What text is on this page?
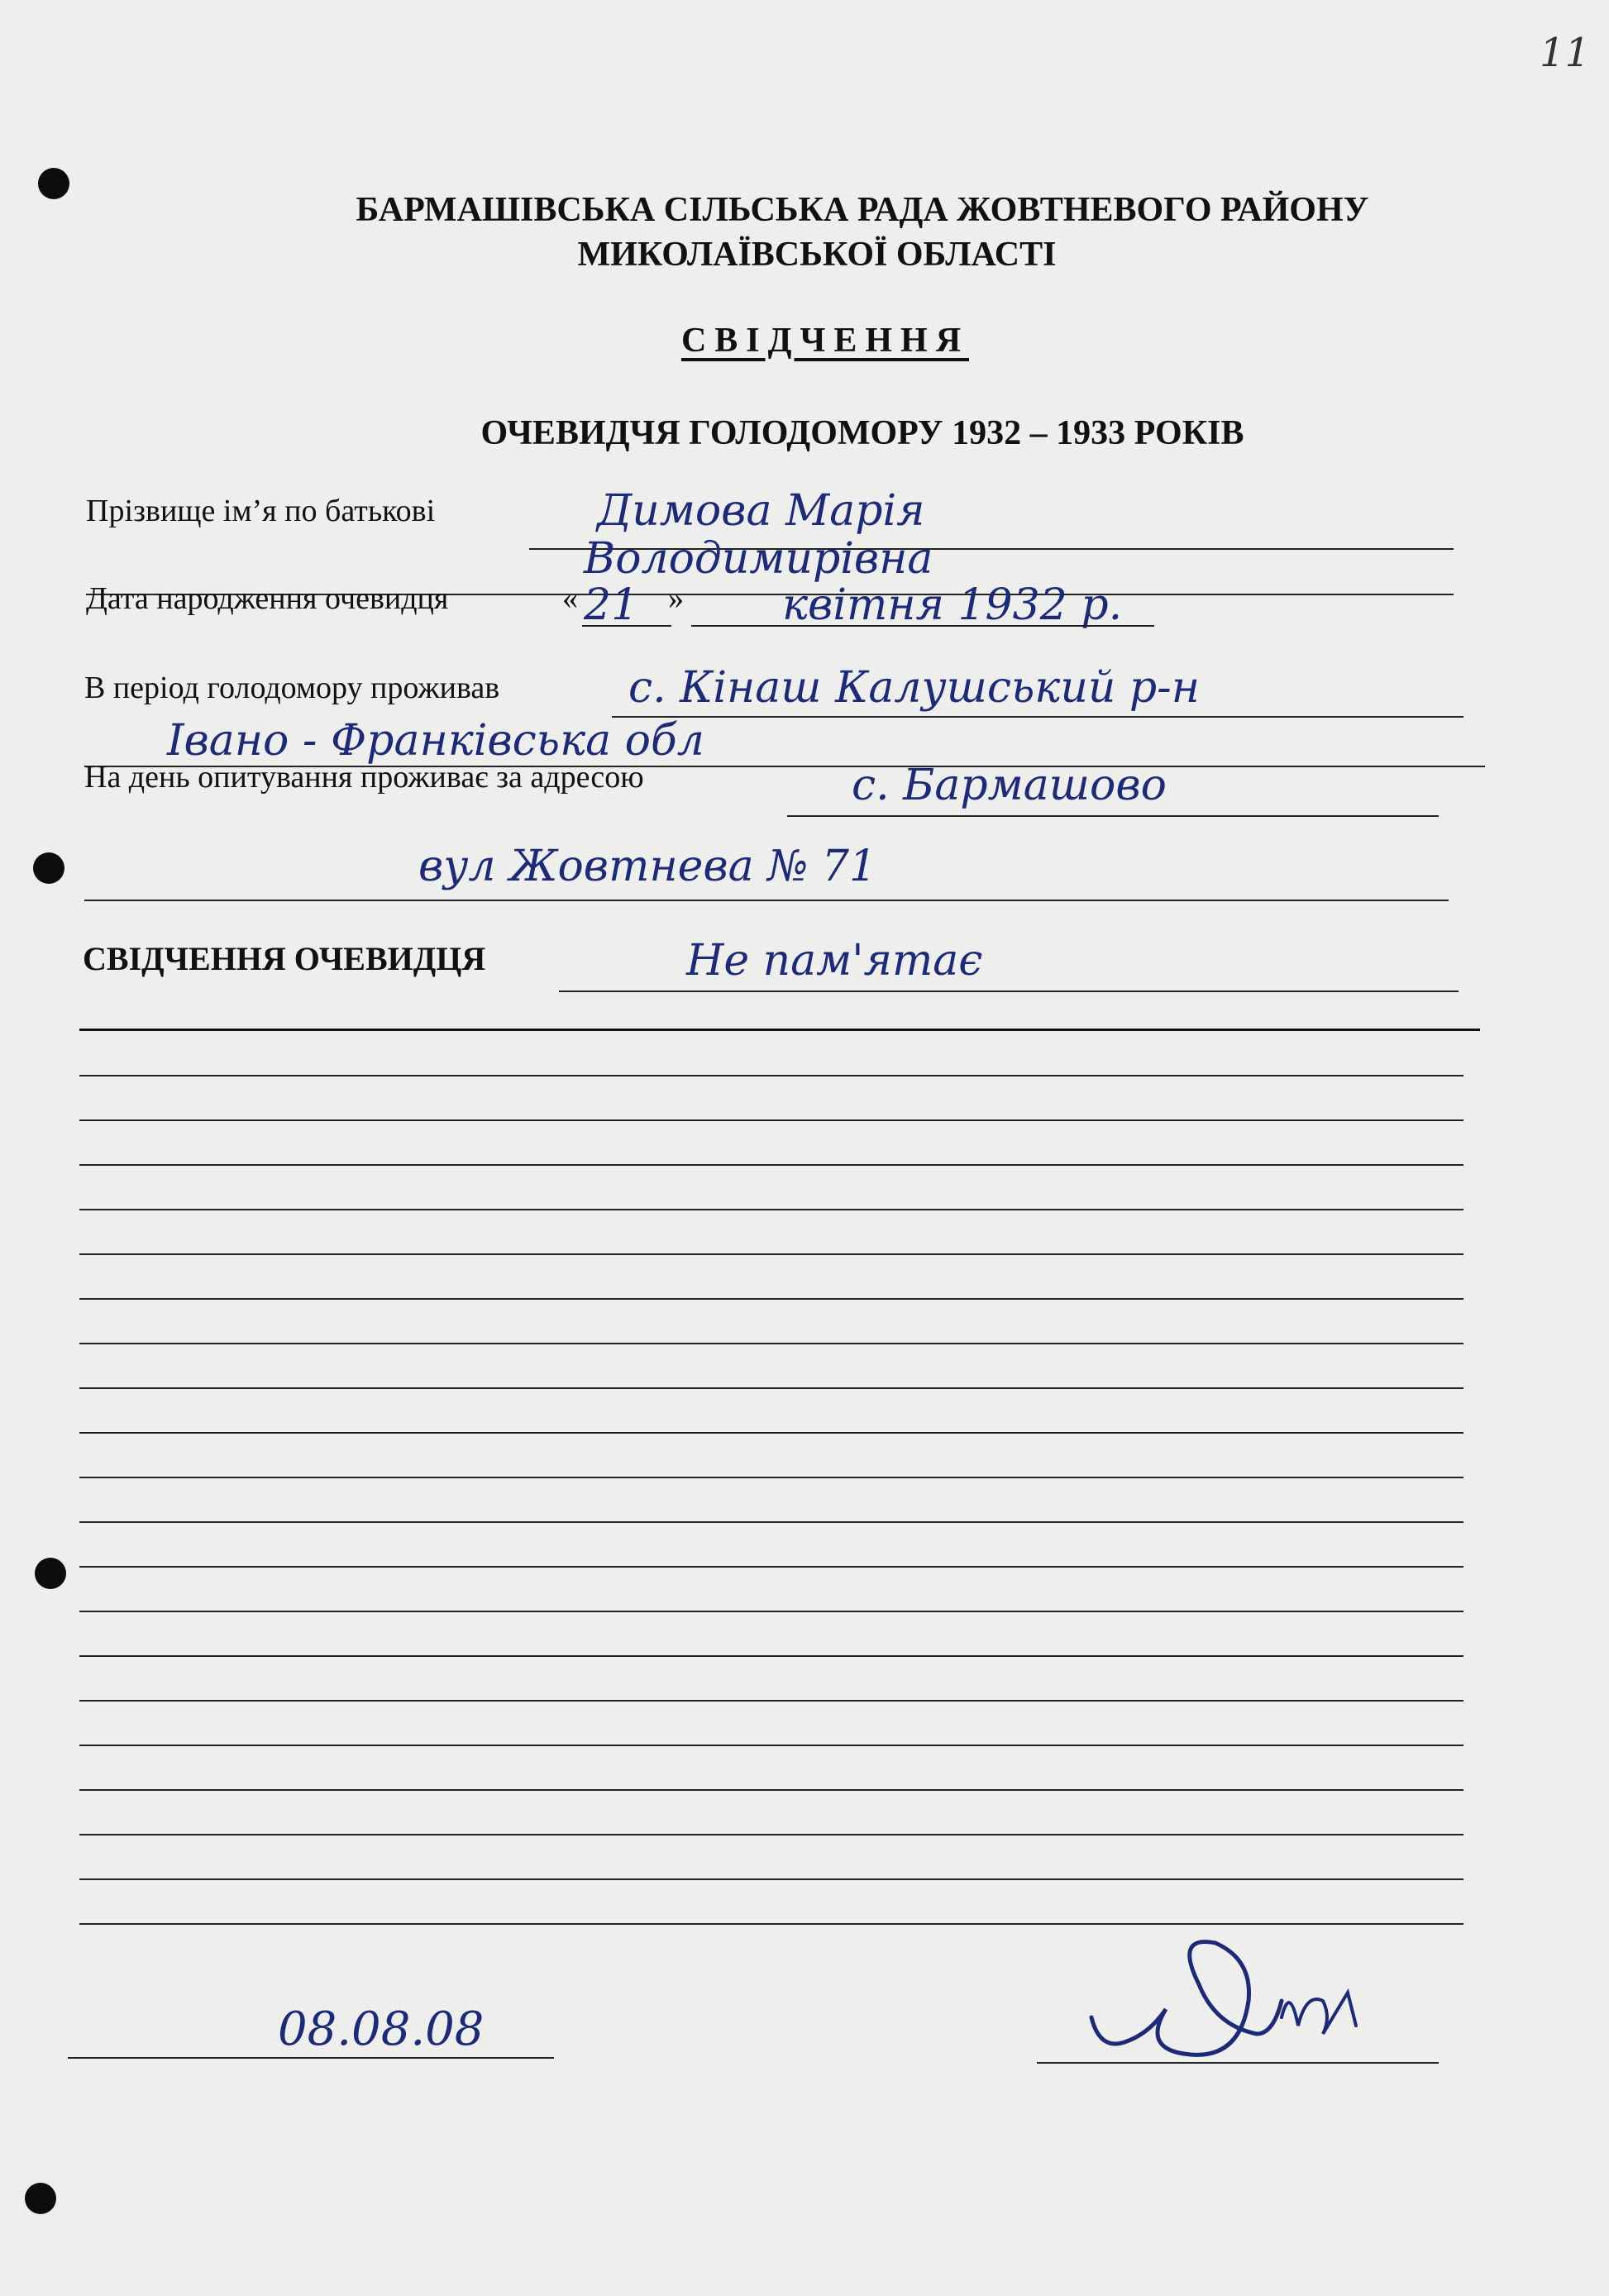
11
БАРМАШІВСЬКА СІЛЬСЬКА РАДА ЖОВТНЕВОГО РАЙОНУ
МИКОЛАЇВСЬКОЇ ОБЛАСТІ
СВІДЧЕННЯ
ОЧЕВИДЧЯ ГОЛОДОМОРУ 1932 – 1933 РОКІВ
Прізвище ім’я по батькові	Димова Марія
Володимирівна
Дата народження очевидця	« 21 » квітня 1932 р.
В період голодомору проживав	с. Кінаш Калушський р-н
Івано - Франківська обл
На день опитування проживає за адресою	с. Бармашово
вул Жовтнева № 71
СВІДЧЕННЯ ОЧЕВИДЦЯ	Не пам'ятає
08.08.08
